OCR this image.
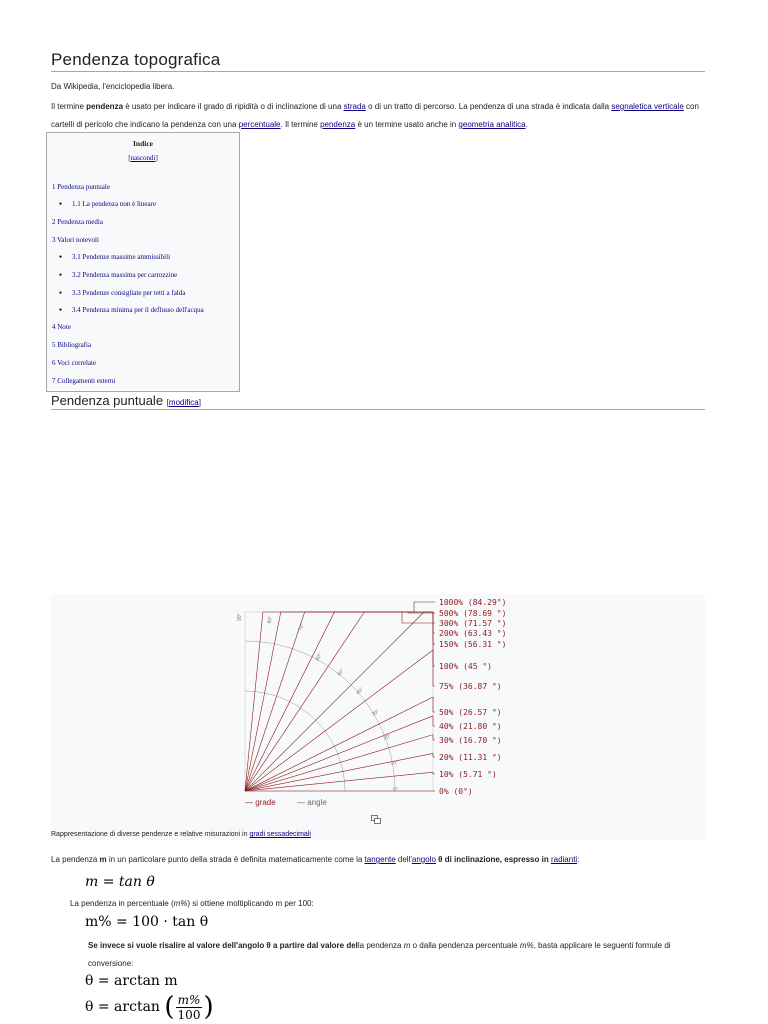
Pendenza topografica
Da Wikipedia, l'enciclopedia libera.
Il termine pendenza è usato per indicare il grado di ripidità o di inclinazione di una strada o di un tratto di percorso. La pendenza di una strada è indicata dalla segnaletica verticale con cartelli di pericolo che indicano la pendenza con una percentuale. Il termine pendenza è un termine usato anche in geometria analitica.
Indice
[nascondi]
1 Pendenza puntuale
● 1.1 La pendenza non è lineare
2 Pendenza media
3 Valori notevoli
● 3.1 Pendenze massime ammissibili
● 3.2 Pendenza massima per carrozzine
● 3.3 Pendenze consigliate per tetti a falda
● 3.4 Pendenza minima per il deflusso dell'acqua
4 Note
5 Bibliografia
6 Voci correlate
7 Collegamenti esterni
Pendenza puntuale [modifica]
1000% (84.29°)
500% (78.69 °)
300% (71.57 °)
200% (63.43 °)
150% (56.31 °)
100% (45 °)
75% (36.87 °)
50% (26.57 °)
40% (21.80 °)
30% (16.70 °)
20% (11.31 °)
10% (5.71 °)
0% (0°)
90°	80°
70°
60°
50°
40°
30°
20°
10°
0°
— grade	— angle
Rappresentazione di diverse pendenze e relative misurazioni in gradi sessadecimali
La pendenza m in un particolare punto della strada è definita matematicamente come la tangente dell'angolo θ di inclinazione, espresso in radianti:
m = tan θ
La pendenza in percentuale (m%) si ottiene moltiplicando m per 100:
m% = 100 · tan θ
Se invece si vuole risalire al valore dell'angolo θ a partire dal valore della pendenza m o dalla pendenza percentuale m%, basta applicare le seguenti formule di conversione:
θ = arctan m
θ = arctan ( $\frac{m\%}{100}$ )
